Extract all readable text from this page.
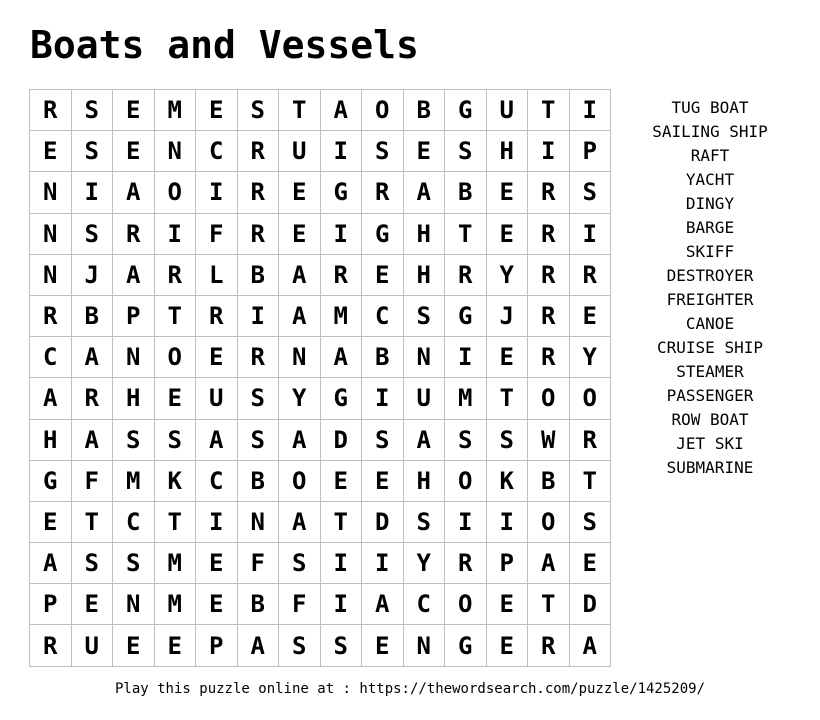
Boats and Vessels
R	S	E	M	E	S	T	A	O	B	G	U	T	I
E	S	E	N	C	R	U	I	S	E	S	H	I	P
N	I	A	O	I	R	E	G	R	A	B	E	R	S
N	S	R	I	F	R	E	I	G	H	T	E	R	I
N	J	A	R	L	B	A	R	E	H	R	Y	R	R
R	B	P	T	R	I	A	M	C	S	G	J	R	E
C	A	N	O	E	R	N	A	B	N	I	E	R	Y
A	R	H	E	U	S	Y	G	I	U	M	T	O	O
H	A	S	S	A	S	A	D	S	A	S	S	W	R
G	F	M	K	C	B	O	E	E	H	O	K	B	T
E	T	C	T	I	N	A	T	D	S	I	I	O	S
A	S	S	M	E	F	S	I	I	Y	R	P	A	E
P	E	N	M	E	B	F	I	A	C	O	E	T	D
R	U	E	E	P	A	S	S	E	N	G	E	R	A
TUG BOAT
SAILING SHIP
RAFT
YACHT
DINGY
BARGE
SKIFF
DESTROYER
FREIGHTER
CANOE
CRUISE SHIP
STEAMER
PASSENGER
ROW BOAT
JET SKI
SUBMARINE
Play this puzzle online at : https://thewordsearch.com/puzzle/1425209/
